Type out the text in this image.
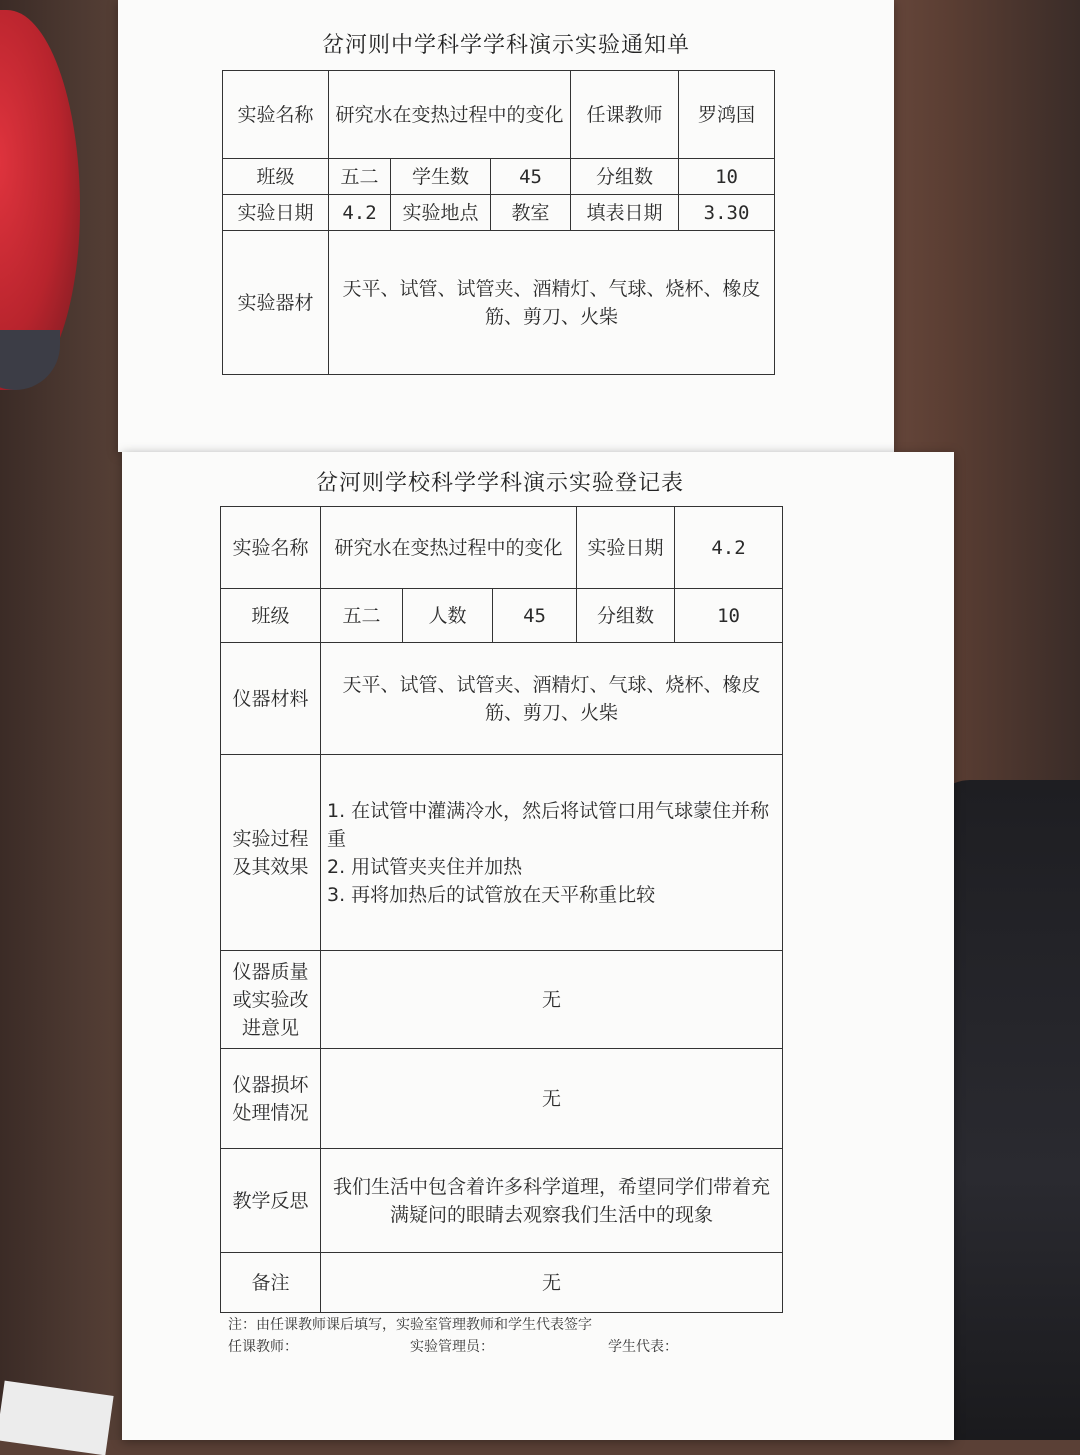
岔河则中学科学学科演示实验通知单
实验名称	研究水在变热过程中的变化			任课教师	罗鸿国
班级	五二	学生数	45	分组数	10
实验日期	4.2	实验地点	教室	填表日期	3.30
实验器材	天平、试管、试管夹、酒精灯、气球、烧杯、橡皮筋、剪刀、火柴				
岔河则学校科学学科演示实验登记表
实验名称	研究水在变热过程中的变化			实验日期	4.2
班级	五二	人数	45	分组数	10
仪器材料	天平、试管、试管夹、酒精灯、气球、烧杯、橡皮筋、剪刀、火柴				
实验过程及其效果	1. 在试管中灌满冷水，然后将试管口用气球蒙住并称重
2. 用试管夹夹住并加热
3. 再将加热后的试管放在天平称重比较				

仪器质量或实验改进意见	无				
仪器损坏处理情况	无				
教学反思	我们生活中包含着许多科学道理，希望同学们带着充满疑问的眼睛去观察我们生活中的现象				
备注	无				
注：由任课教师课后填写，实验室管理教师和学生代表签字
任课教师：	实验管理员：	学生代表：
